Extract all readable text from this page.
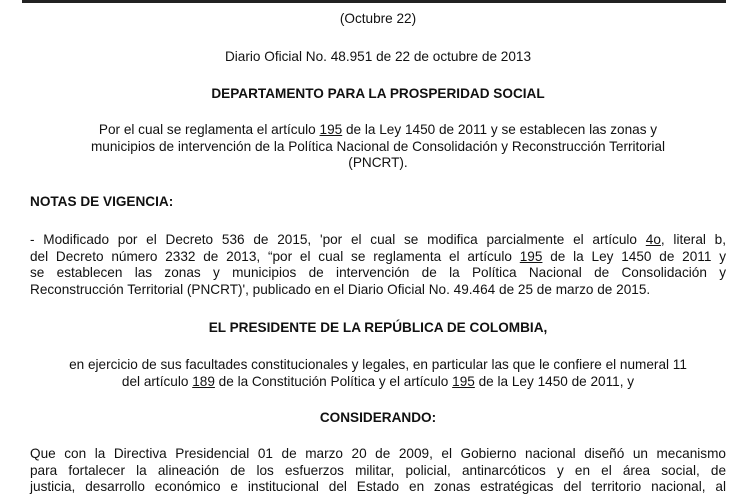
(Octubre 22)

Diario Oficial No. 48.951 de 22 de octubre de 2013

DEPARTAMENTO PARA LA PROSPERIDAD SOCIAL

Por el cual se reglamenta el artículo 195 de la Ley 1450 de 2011 y se establecen las zonas y

municipios de intervención de la Política Nacional de Consolidación y Reconstrucción Territorial

(PNCRT).

NOTAS DE VIGENCIA:

- Modificado por el Decreto 536 de 2015, 'por el cual se modifica parcialmente el artículo 4o, literal b,

del Decreto número 2332 de 2013, “por el cual se reglamenta el artículo 195 de la Ley 1450 de 2011 y

se establecen las zonas y municipios de intervención de la Política Nacional de Consolidación y

Reconstrucción Territorial (PNCRT)', publicado en el Diario Oficial No. 49.464 de 25 de marzo de 2015.

EL PRESIDENTE DE LA REPÚBLICA DE COLOMBIA,

en ejercicio de sus facultades constitucionales y legales, en particular las que le confiere el numeral 11

del artículo 189 de la Constitución Política y el artículo 195 de la Ley 1450 de 2011, y

CONSIDERANDO:

Que con la Directiva Presidencial 01 de marzo 20 de 2009, el Gobierno nacional diseñó un mecanismo

para fortalecer la alineación de los esfuerzos militar, policial, antinarcóticos y en el área social, de

justicia, desarrollo económico e institucional del Estado en zonas estratégicas del territorio nacional, al
